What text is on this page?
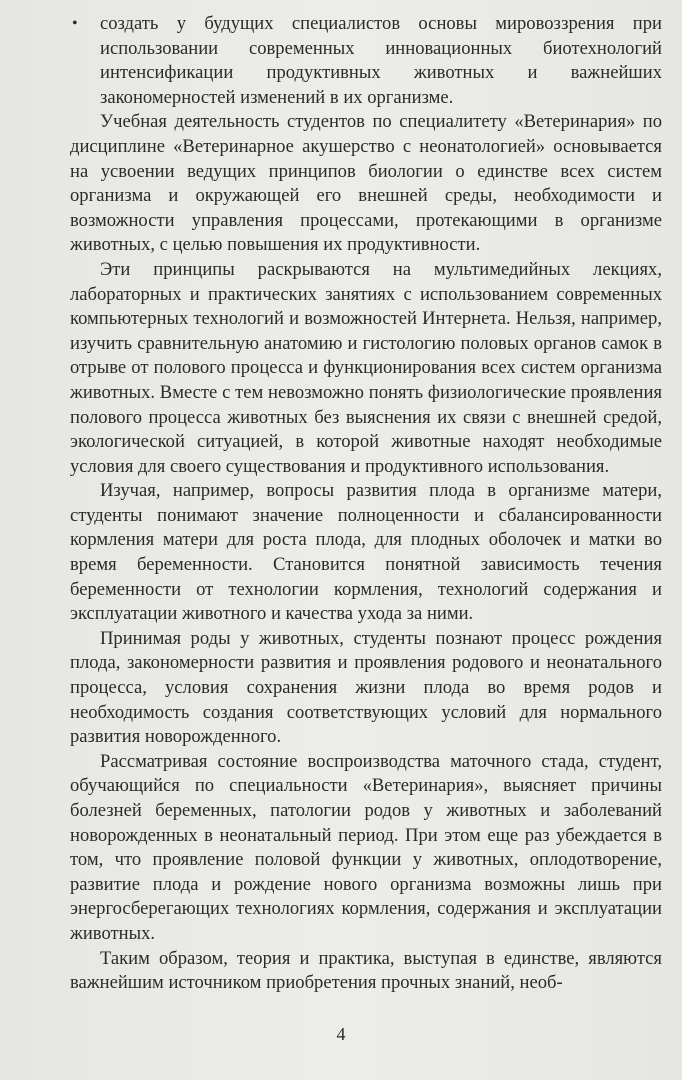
• создать у будущих специалистов основы мировоззрения при использовании современных инновационных биотехнологий интенсификации продуктивных животных и важнейших закономерностей изменений в их организме.

Учебная деятельность студентов по специалитету «Ветеринария» по дисциплине «Ветеринарное акушерство с неонатологией» основывается на усвоении ведущих принципов биологии о единстве всех систем организма и окружающей его внешней среды, необходимости и возможности управления процессами, протекающими в организме животных, с целью повышения их продуктивности.

Эти принципы раскрываются на мультимедийных лекциях, лабораторных и практических занятиях с использованием современных компьютерных технологий и возможностей Интернета. Нельзя, например, изучить сравнительную анатомию и гистологию половых органов самок в отрыве от полового процесса и функционирования всех систем организма животных. Вместе с тем невозможно понять физиологические проявления полового процесса животных без выяснения их связи с внешней средой, экологической ситуацией, в которой животные находят необходимые условия для своего существования и продуктивного использования.

Изучая, например, вопросы развития плода в организме матери, студенты понимают значение полноценности и сбалансированности кормления матери для роста плода, для плодных оболочек и матки во время беременности. Становится понятной зависимость течения беременности от технологии кормления, технологий содержания и эксплуатации животного и качества ухода за ними.

Принимая роды у животных, студенты познают процесс рождения плода, закономерности развития и проявления родового и неонатального процесса, условия сохранения жизни плода во время родов и необходимость создания соответствующих условий для нормального развития новорожденного.

Рассматривая состояние воспроизводства маточного стада, студент, обучающийся по специальности «Ветеринария», выясняет причины болезней беременных, патологии родов у животных и заболеваний новорожденных в неонатальный период. При этом еще раз убеждается в том, что проявление половой функции у животных, оплодотворение, развитие плода и рождение нового организма возможны лишь при энергосберегающих технологиях кормления, содержания и эксплуатации животных.

Таким образом, теория и практика, выступая в единстве, являются важнейшим источником приобретения прочных знаний, необ-

4
